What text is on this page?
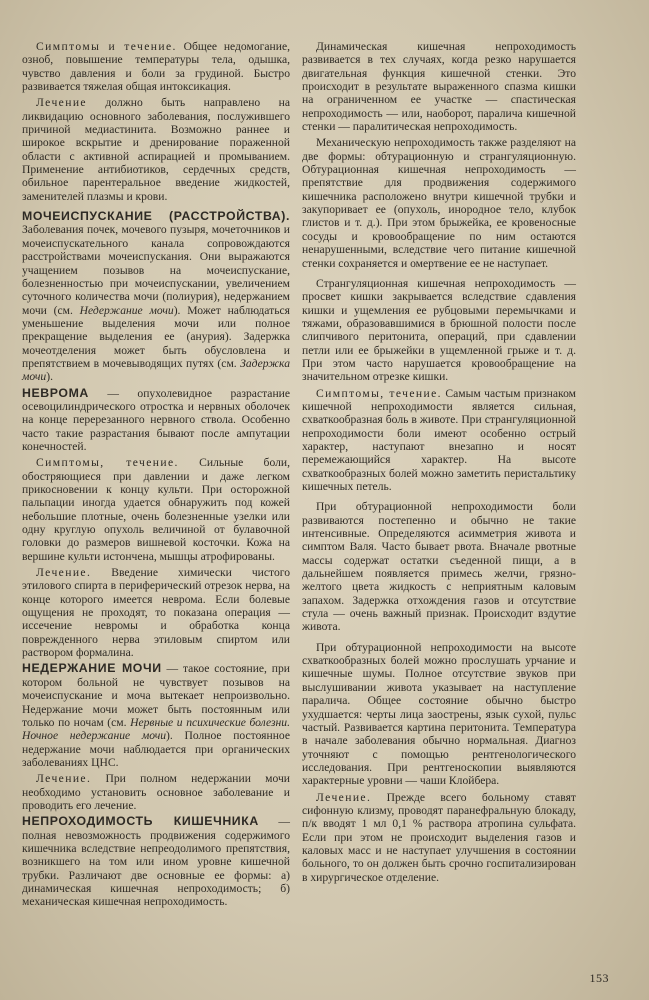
Симптомы и течение. Общее недомогание, озноб, повышение температуры тела, одышка, чувство давления и боли за грудиной. Быстро развивается тяжелая общая интоксикация.

Лечение должно быть направлено на ликвидацию основного заболевания, послужившего причиной медиастинита. Возможно раннее и широкое вскрытие и дренирование пораженной области с активной аспирацией и промыванием. Применение антибиотиков, сердечных средств, обильное парентеральное введение жидкостей, заменителей плазмы и крови.

МОЧЕИСПУСКАНИЕ (РАССТРОЙСТВА). Заболевания почек, мочевого пузыря, мочеточников и мочеиспускательного канала сопровождаются расстройствами мочеиспускания. Они выражаются учащением позывов на мочеиспускание, болезненностью при мочеиспускании, увеличением суточного количества мочи (полиурия), недержанием мочи (см. Недержание мочи). Может наблюдаться уменьшение выделения мочи или полное прекращение выделения ее (анурия). Задержка мочеотделения может быть обусловлена и препятствием в мочевыводящих путях (см. Задержка мочи).

НЕВРОМА — опухолевидное разрастание осевоцилиндрического отростка и нервных оболочек на конце перерезанного нервного ствола. Особенно часто такие разрастания бывают после ампутации конечностей.

Симптомы, течение. Сильные боли, обостряющиеся при давлении и даже легком прикосновении к концу культи. При осторожной пальпации иногда удается обнаружить под кожей небольшие плотные, очень болезненные узелки или одну круглую опухоль величиной от булавочной головки до размеров вишневой косточки. Кожа на вершине культи истончена, мышцы атрофированы.

Лечение. Введение химически чистого этилового спирта в периферический отрезок нерва, на конце которого имеется неврома. Если болевые ощущения не проходят, то показана операция — иссечение невромы и обработка конца поврежденного нерва этиловым спиртом или раствором формалина.

НЕДЕРЖАНИЕ МОЧИ — такое состояние, при котором больной не чувствует позывов на мочеиспускание и моча вытекает непроизвольно. Недержание мочи может быть постоянным или только по ночам (см. Нервные и психические болезни. Ночное недержание мочи). Полное постоянное недержание мочи наблюдается при органических заболеваниях ЦНС.

Лечение. При полном недержании мочи необходимо установить основное заболевание и проводить его лечение.

НЕПРОХОДИМОСТЬ КИШЕЧНИКА — полная невозможность продвижения содержимого кишечника вследствие непреодолимого препятствия, возникшего на том или ином уровне кишечной трубки. Различают две основные ее формы: а) динамическая кишечная непроходимость; б) механическая кишечная непроходимость.

Динамическая кишечная непроходимость развивается в тех случаях, когда резко нарушается двигательная функция кишечной стенки. Это происходит в результате выраженного спазма кишки на ограниченном ее участке — спастическая непроходимость — или, наоборот, паралича кишечной стенки — паралитическая непроходимость.

Механическую непроходимость также разделяют на две формы: обтурационную и странгуляционную. Обтурационная кишечная непроходимость — препятствие для продвижения содержимого кишечника расположено внутри кишечной трубки и закупоривает ее (опухоль, инородное тело, клубок глистов и т. д.). При этом брыжейка, ее кровеносные сосуды и кровообращение по ним остаются ненарушенными, вследствие чего питание кишечной стенки сохраняется и омертвение ее не наступает.

Странгуляционная кишечная непроходимость — просвет кишки закрывается вследствие сдавления кишки и ущемления ее рубцовыми перемычками и тяжами, образовавшимися в брюшной полости после слипчивого перитонита, операций, при сдавлении петли или ее брыжейки в ущемленной грыже и т. д. При этом часто нарушается кровообращение на значительном отрезке кишки.

Симптомы, течение. Самым частым признаком кишечной непроходимости является сильная, схваткообразная боль в животе. При странгуляционной непроходимости боли имеют особенно острый характер, наступают внезапно и носят перемежающийся характер. На высоте схваткообразных болей можно заметить перистальтику кишечных петель.

При обтурационной непроходимости боли развиваются постепенно и обычно не такие интенсивные. Определяются асимметрия живота и симптом Валя. Часто бывает рвота. Вначале рвотные массы содержат остатки съеденной пищи, а в дальнейшем появляется примесь желчи, грязно-желтого цвета жидкость с неприятным каловым запахом. Задержка отхождения газов и отсутствие стула — очень важный признак. Происходит вздутие живота.

При обтурационной непроходимости на высоте схваткообразных болей можно прослушать урчание и кишечные шумы. Полное отсутствие звуков при выслушивании живота указывает на наступление паралича. Общее состояние обычно быстро ухудшается: черты лица заострены, язык сухой, пульс частый. Развивается картина перитонита. Температура в начале заболевания обычно нормальная. Диагноз уточняют с помощью рентгенологического исследования. При рентгеноскопии выявляются характерные уровни — чаши Клойбера.

Лечение. Прежде всего больному ставят сифонную клизму, проводят паранефральную блокаду, п/к вводят 1 мл 0,1 % раствора атропина сульфата. Если при этом не происходит выделения газов и каловых масс и не наступает улучшения в состоянии больного, то он должен быть срочно госпитализирован в хирургическое отделение.

153
